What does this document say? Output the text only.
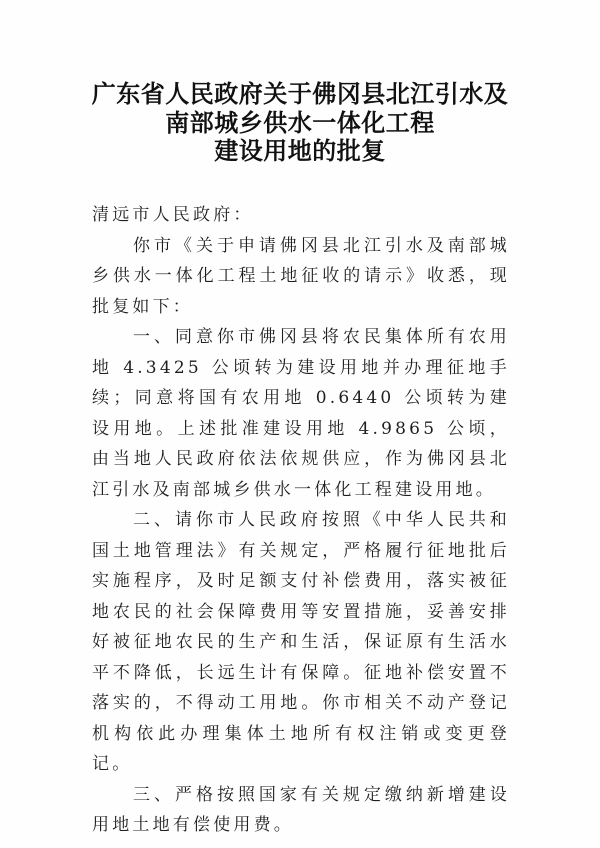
广东省人民政府关于佛冈县北江引水及
南部城乡供水一体化工程
建设用地的批复

清远市人民政府：

你市《关于申请佛冈县北江引水及南部城乡供水一体化工程土地征收的请示》收悉，现批复如下：

一、同意你市佛冈县将农民集体所有农用地 4.3425 公顷转为建设用地并办理征地手续；同意将国有农用地 0.6440 公顷转为建设用地。上述批准建设用地 4.9865 公顷，由当地人民政府依法依规供应，作为佛冈县北江引水及南部城乡供水一体化工程建设用地。

二、请你市人民政府按照《中华人民共和国土地管理法》有关规定，严格履行征地批后实施程序，及时足额支付补偿费用，落实被征地农民的社会保障费用等安置措施，妥善安排好被征地农民的生产和生活，保证原有生活水平不降低，长远生计有保障。征地补偿安置不落实的，不得动工用地。你市相关不动产登记机构依此办理集体土地所有权注销或变更登记。

三、严格按照国家有关规定缴纳新增建设用地土地有偿使用费。
